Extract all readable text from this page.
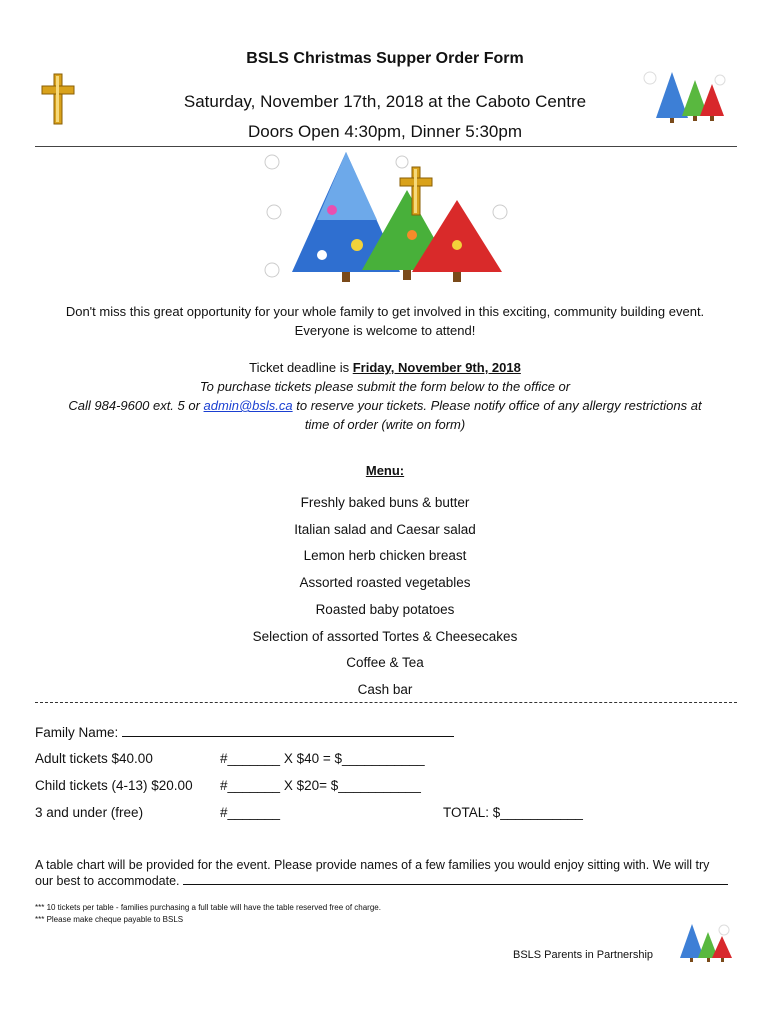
BSLS Christmas Supper Order Form
Saturday, November 17th, 2018 at the Caboto Centre
Doors Open 4:30pm, Dinner 5:30pm
Don't miss this great opportunity for your whole family to get involved in this exciting, community building event.
Everyone is welcome to attend!
Ticket deadline is Friday, November 9th, 2018
To purchase tickets please submit the form below to the office or
Call 984-9600 ext. 5 or admin@bsls.ca to reserve your tickets. Please notify office of any allergy restrictions at
time of order (write on form)
Menu:
Freshly baked buns & butter
Italian salad and Caesar salad
Lemon herb chicken breast
Assorted roasted vegetables
Roasted baby potatoes
Selection of assorted Tortes & Cheesecakes
Coffee & Tea
Cash bar
Family Name:
Adult tickets $40.00	#_______ X $40 = $___________
Child tickets (4-13) $20.00 #_______ X $20= $___________
3 and under (free)	#_______	TOTAL: $___________
A table chart will be provided for the event. Please provide names of a few families you would enjoy sitting with. We will try
our best to accommodate.
*** 10 tickets per table - families purchasing a full table will have the table reserved free of charge.
*** Please make cheque payable to BSLS
BSLS Parents in Partnership
